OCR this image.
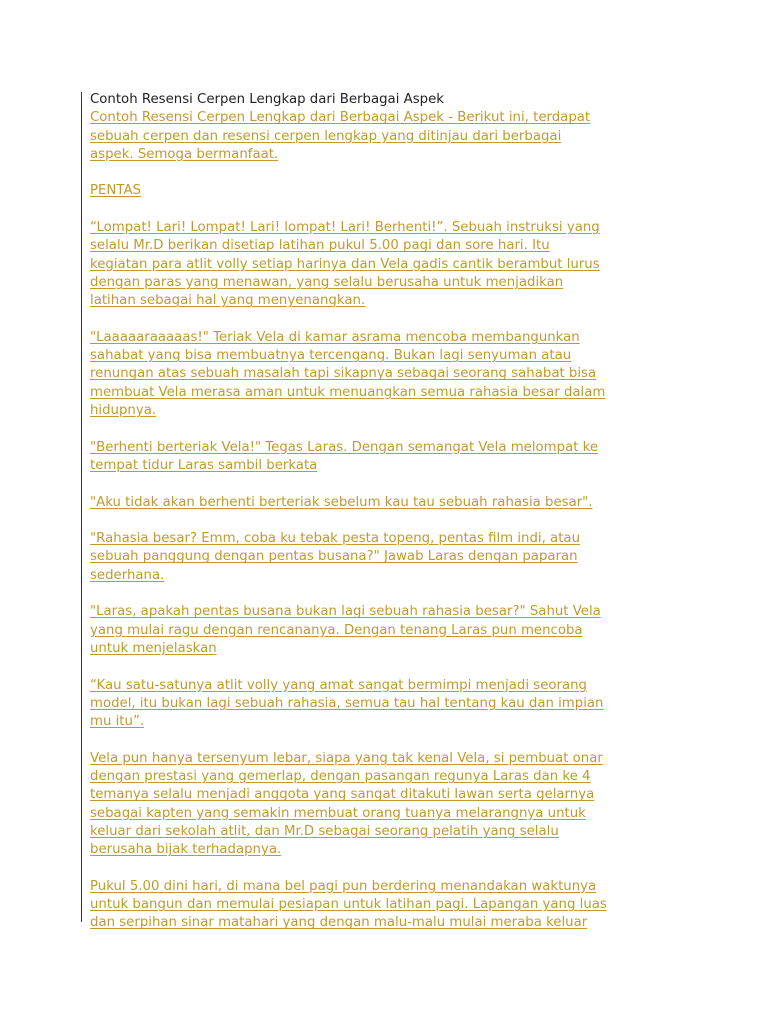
Contoh Resensi Cerpen Lengkap dari Berbagai Aspek
Contoh Resensi Cerpen Lengkap dari Berbagai Aspek - Berikut ini, terdapat
sebuah cerpen dan resensi cerpen lengkap yang ditinjau dari berbagai
aspek. Semoga bermanfaat.
PENTAS
“Lompat! Lari! Lompat! Lari! lompat! Lari! Berhenti!”. Sebuah instruksi yang
selalu Mr.D berikan disetiap latihan pukul 5.00 pagi dan sore hari. Itu
kegiatan para atlit volly setiap harinya dan Vela gadis cantik berambut lurus
dengan paras yang menawan, yang selalu berusaha untuk menjadikan
latihan sebagai hal yang menyenangkan.
"Laaaaaraaaaas!" Teriak Vela di kamar asrama mencoba membangunkan
sahabat yang bisa membuatnya tercengang. Bukan lagi senyuman atau
renungan atas sebuah masalah tapi sikapnya sebagai seorang sahabat bisa
membuat Vela merasa aman untuk menuangkan semua rahasia besar dalam
hidupnya.
"Berhenti berteriak Vela!" Tegas Laras. Dengan semangat Vela melompat ke
tempat tidur Laras sambil berkata
"Aku tidak akan berhenti berteriak sebelum kau tau sebuah rahasia besar".
"Rahasia besar? Emm, coba ku tebak pesta topeng, pentas film indi, atau
sebuah panggung dengan pentas busana?" Jawab Laras dengan paparan
sederhana.
"Laras, apakah pentas busana bukan lagi sebuah rahasia besar?" Sahut Vela
yang mulai ragu dengan rencananya. Dengan tenang Laras pun mencoba
untuk menjelaskan
“Kau satu-satunya atlit volly yang amat sangat bermimpi menjadi seorang
model, itu bukan lagi sebuah rahasia, semua tau hal tentang kau dan impian
mu itu”.
Vela pun hanya tersenyum lebar, siapa yang tak kenal Vela, si pembuat onar
dengan prestasi yang gemerlap, dengan pasangan regunya Laras dan ke 4
temanya selalu menjadi anggota yang sangat ditakuti lawan serta gelarnya
sebagai kapten yang semakin membuat orang tuanya melarangnya untuk
keluar dari sekolah atlit, dan Mr.D sebagai seorang pelatih yang selalu
berusaha bijak terhadapnya.
Pukul 5.00 dini hari, di mana bel pagi pun berdering menandakan waktunya
untuk bangun dan memulai pesiapan untuk latihan pagi. Lapangan yang luas
dan serpihan sinar matahari yang dengan malu-malu mulai meraba keluar
